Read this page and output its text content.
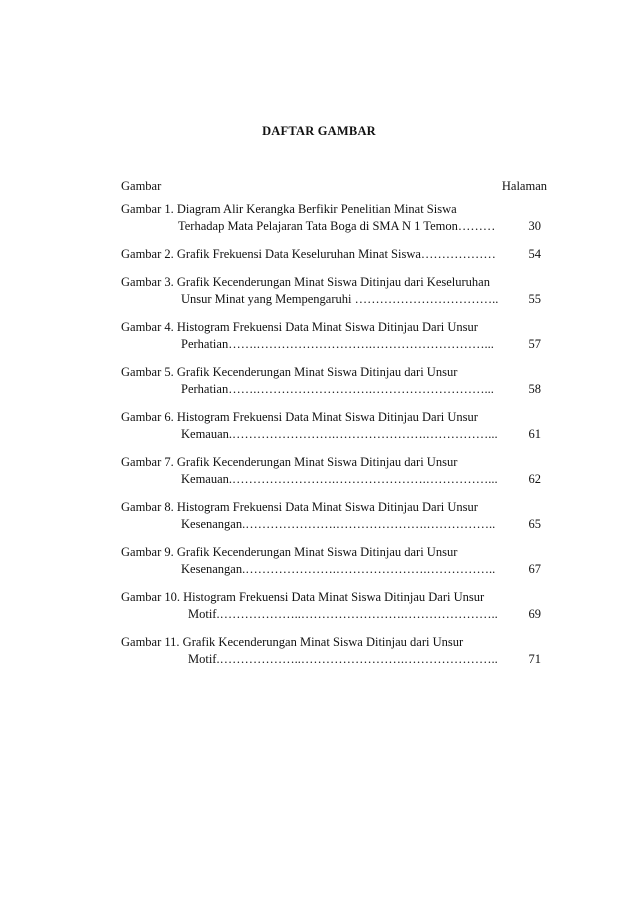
DAFTAR GAMBAR
Gambar	Halaman
Gambar 1. Diagram Alir Kerangka Berfikir Penelitian Minat Siswa
Terhadap Mata Pelajaran Tata Boga di SMA N 1 Temon………	30
Gambar 2. Grafik Frekuensi Data Keseluruhan Minat Siswa………………	54
Gambar 3. Grafik Kecenderungan Minat Siswa Ditinjau dari Keseluruhan
Unsur Minat yang Mempengaruhi ……………………………..	55
Gambar 4. Histogram Frekuensi Data Minat Siswa Ditinjau Dari Unsur
Perhatian…….……………………….………………………...	57
Gambar 5. Grafik Kecenderungan Minat Siswa Ditinjau dari Unsur
Perhatian…….……………………….………………………...	58
Gambar 6. Histogram Frekuensi Data Minat Siswa Ditinjau Dari Unsur
Kemauan.…………………….………………….……………...	61
Gambar 7. Grafik Kecenderungan Minat Siswa Ditinjau dari Unsur
Kemauan.…………………….………………….……………...	62
Gambar 8. Histogram Frekuensi Data Minat Siswa Ditinjau Dari Unsur
Kesenangan.………………….………………….……………..	65
Gambar 9. Grafik Kecenderungan Minat Siswa Ditinjau dari Unsur
Kesenangan.………………….………………….……………..	67
Gambar 10. Histogram Frekuensi Data Minat Siswa Ditinjau Dari Unsur
Motif.………………..…………………….…………………..	69
Gambar 11. Grafik Kecenderungan Minat Siswa Ditinjau dari Unsur
Motif.………………..…………………….…………………..	71
